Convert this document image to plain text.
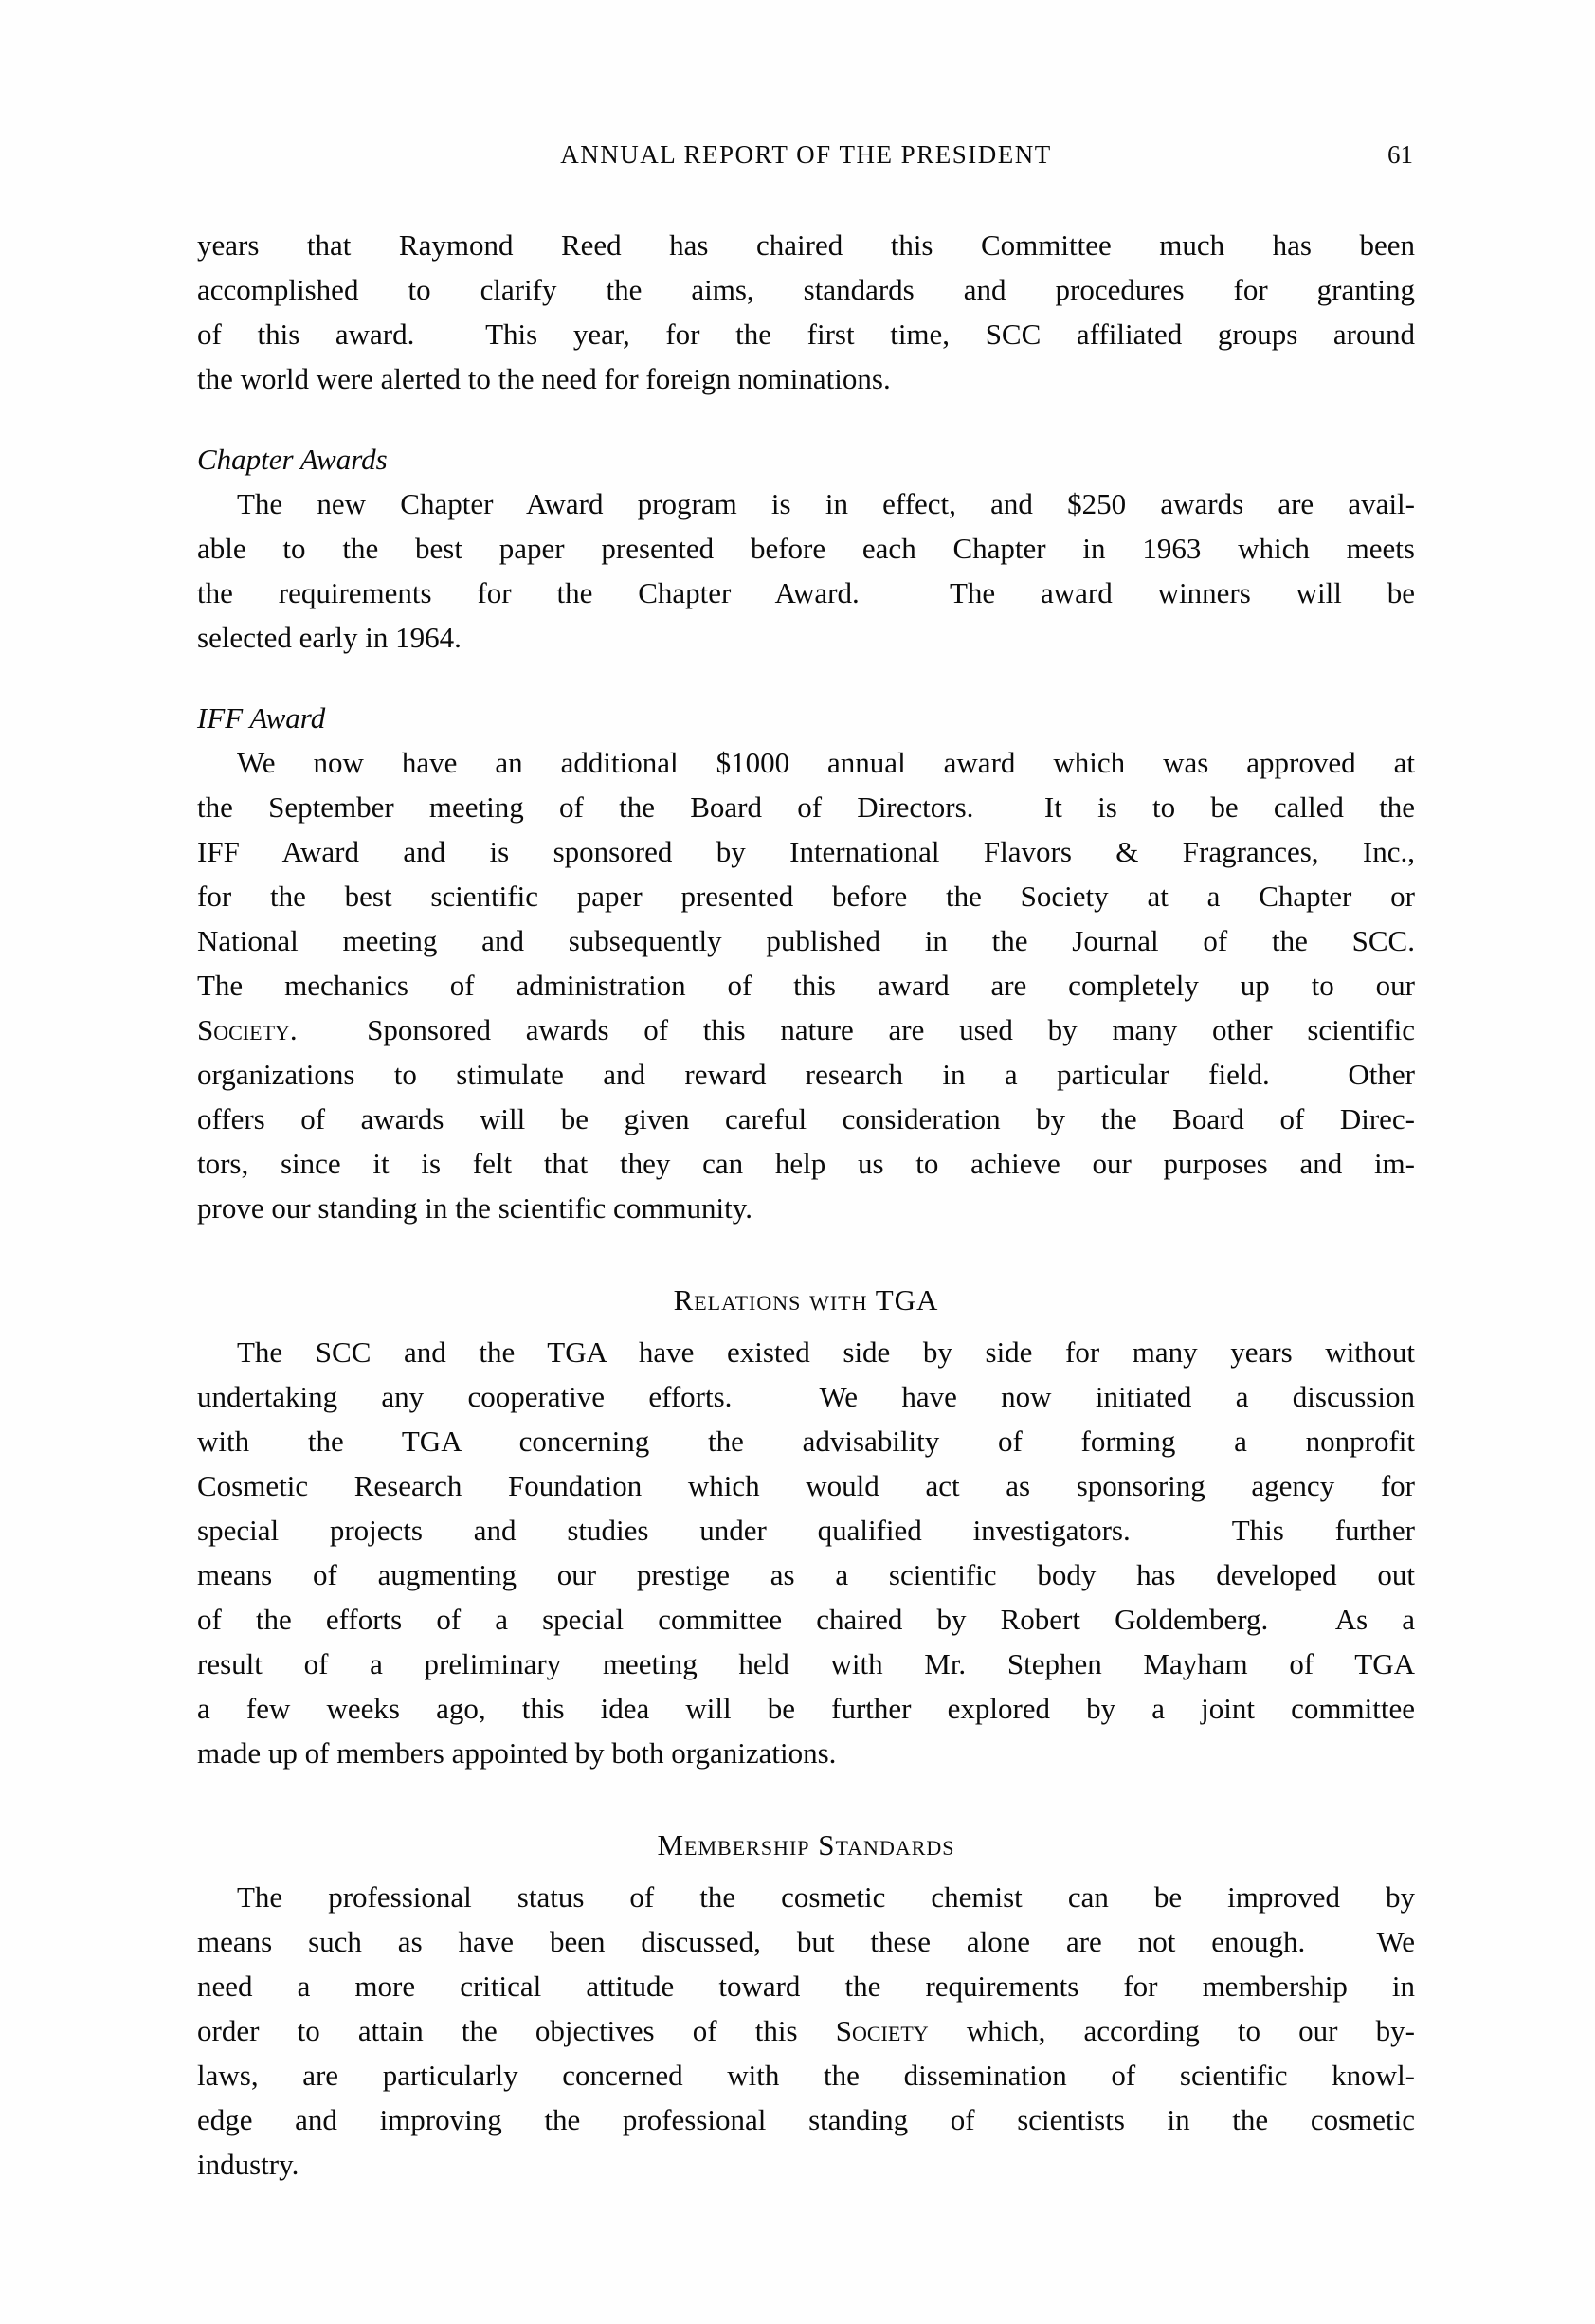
ANNUAL REPORT OF THE PRESIDENT	61
years that Raymond Reed has chaired this Committee much has been
accomplished to clarify the aims, standards and procedures for granting
of this award.  This year, for the first time, SCC affiliated groups around
the world were alerted to the need for foreign nominations.
Chapter Awards
The new Chapter Award program is in effect, and $250 awards are avail-
able to the best paper presented before each Chapter in 1963 which meets
the requirements for the Chapter Award.  The award winners will be
selected early in 1964.
IFF Award
We now have an additional $1000 annual award which was approved at
the September meeting of the Board of Directors.  It is to be called the
IFF Award and is sponsored by International Flavors & Fragrances, Inc.,
for the best scientific paper presented before the Society at a Chapter or
National meeting and subsequently published in the Journal of the SCC.
The mechanics of administration of this award are completely up to our
Society.  Sponsored awards of this nature are used by many other scientific
organizations to stimulate and reward research in a particular field.  Other
offers of awards will be given careful consideration by the Board of Direc-
tors, since it is felt that they can help us to achieve our purposes and im-
prove our standing in the scientific community.
Relations with TGA
The SCC and the TGA have existed side by side for many years without
undertaking any cooperative efforts.  We have now initiated a discussion
with the TGA concerning the advisability of forming a nonprofit
Cosmetic Research Foundation which would act as sponsoring agency for
special projects and studies under qualified investigators.  This further
means of augmenting our prestige as a scientific body has developed out
of the efforts of a special committee chaired by Robert Goldemberg.  As a
result of a preliminary meeting held with Mr. Stephen Mayham of TGA
a few weeks ago, this idea will be further explored by a joint committee
made up of members appointed by both organizations.
Membership Standards
The professional status of the cosmetic chemist can be improved by
means such as have been discussed, but these alone are not enough.  We
need a more critical attitude toward the requirements for membership in
order to attain the objectives of this Society which, according to our by-
laws, are particularly concerned with the dissemination of scientific knowl-
edge and improving the professional standing of scientists in the cosmetic
industry.
